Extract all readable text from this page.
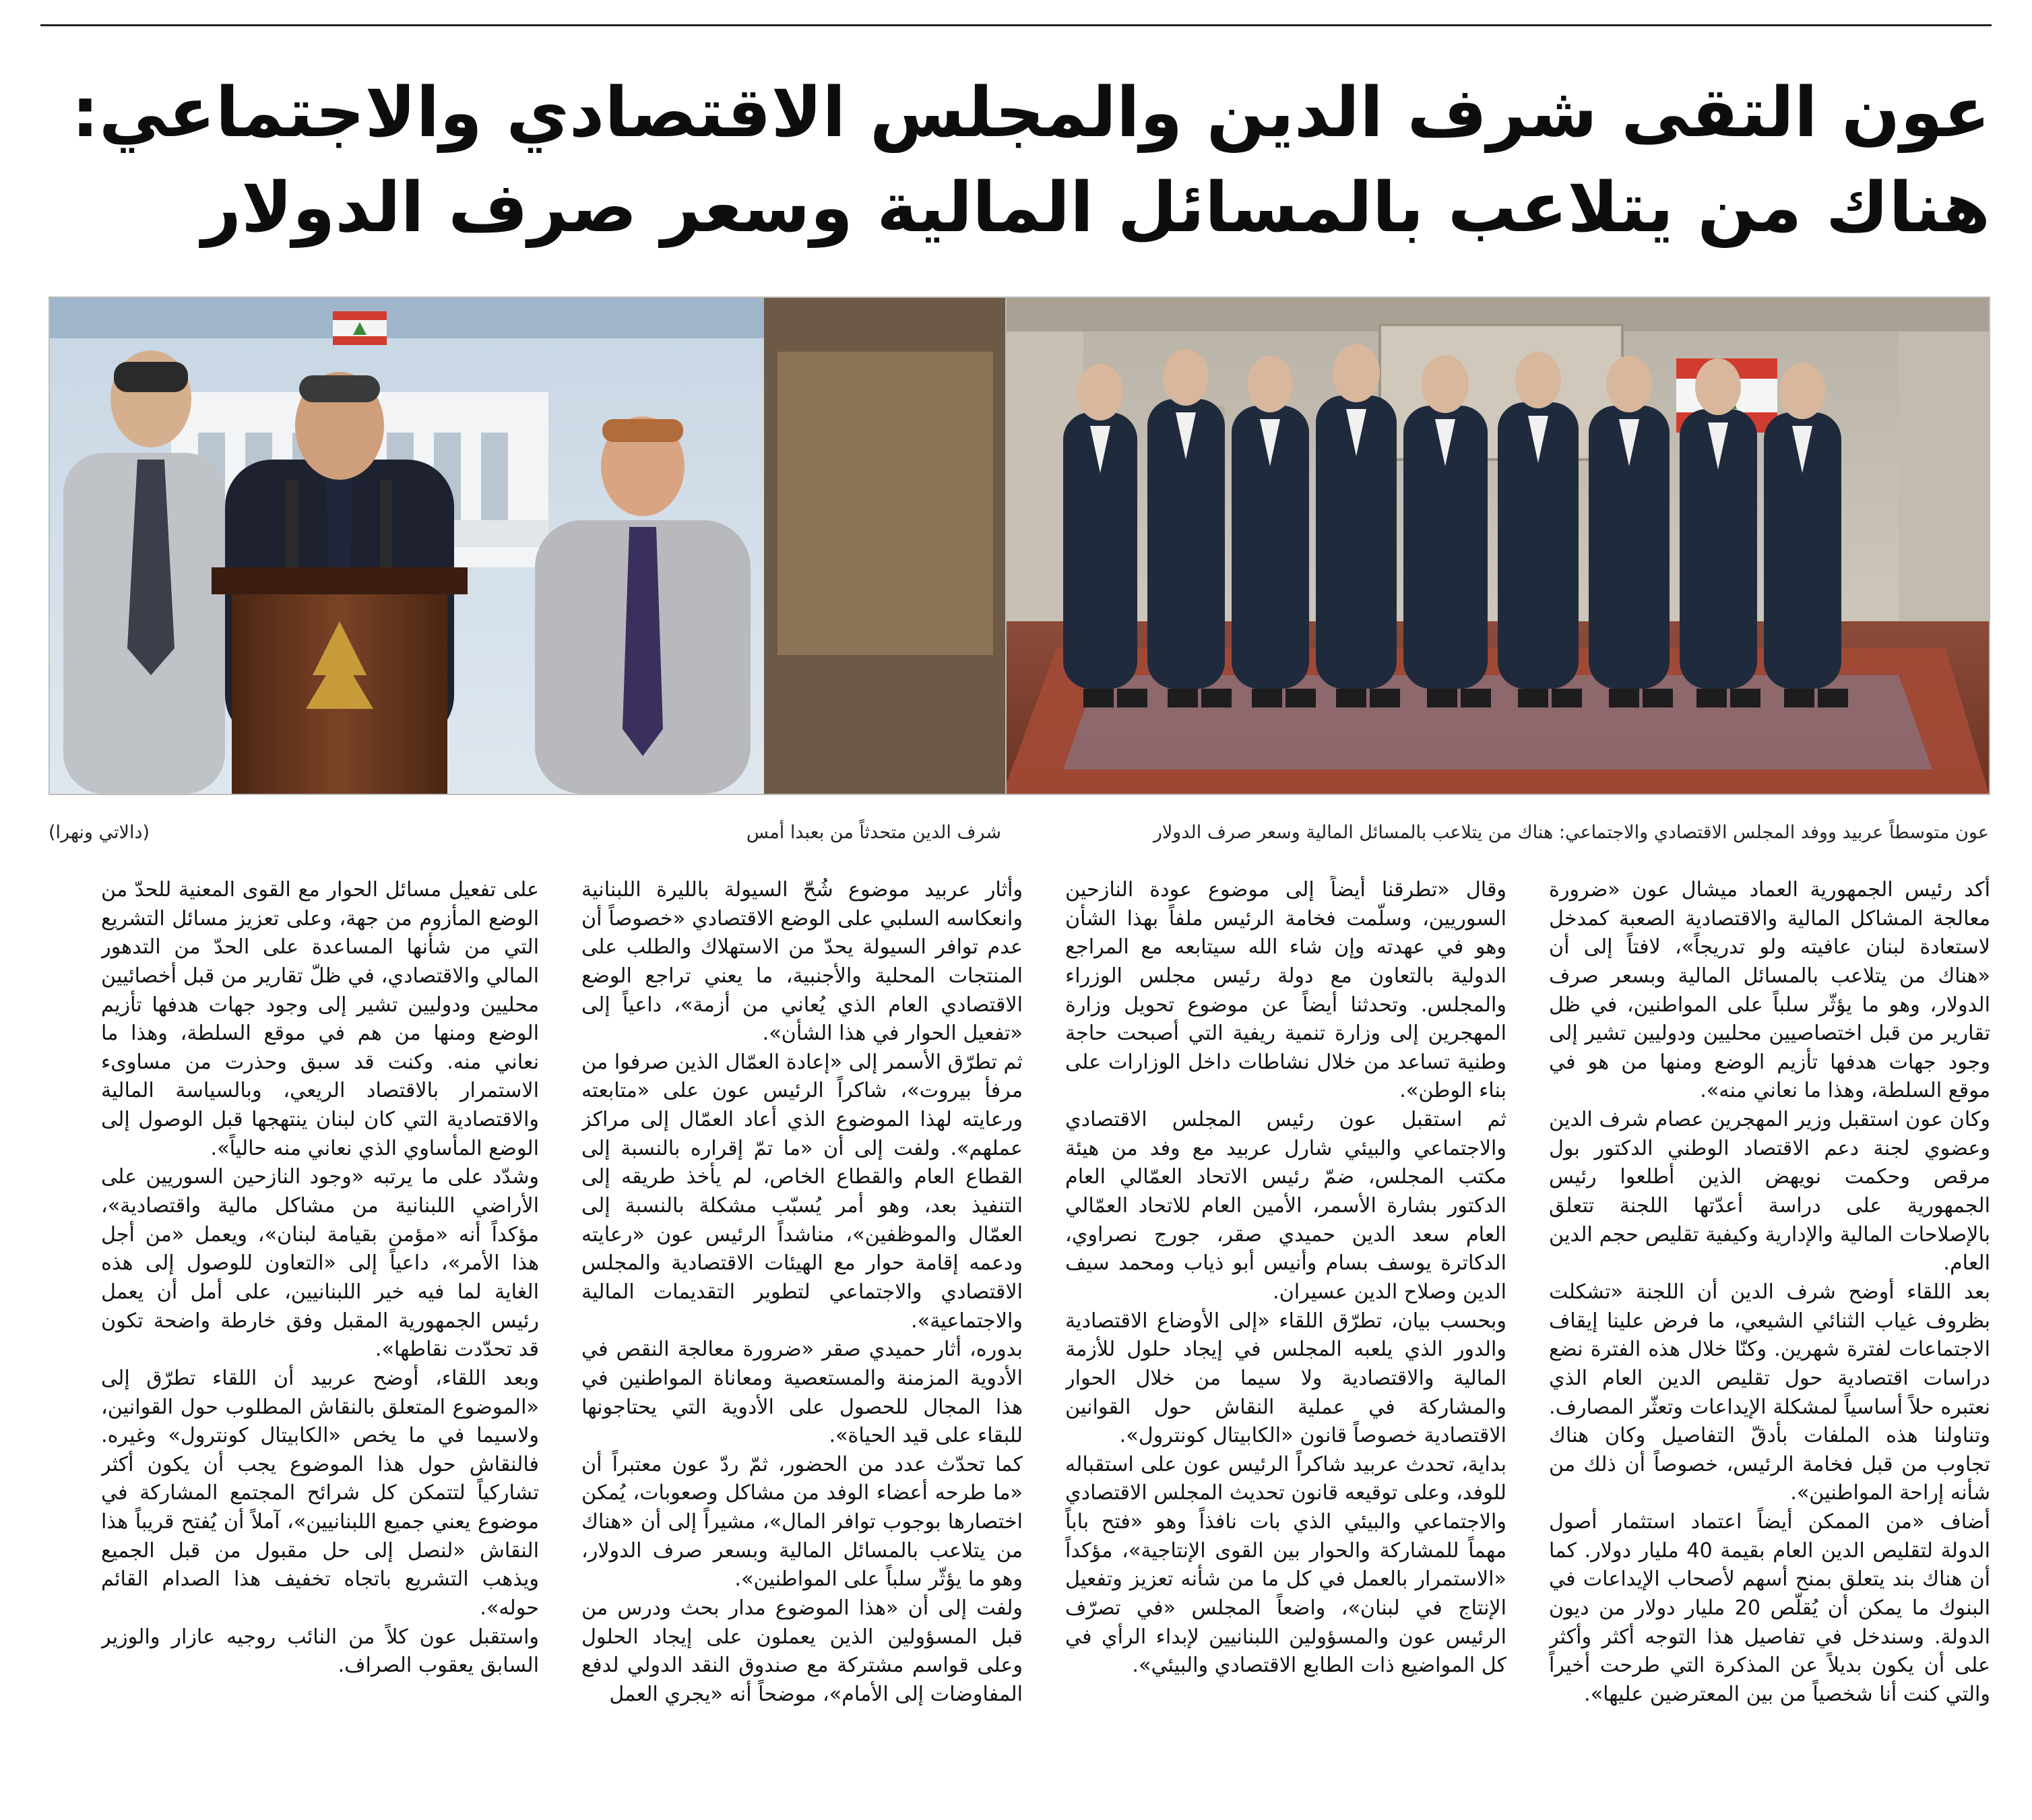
عون التقى شرف الدين والمجلس الاقتصادي والاجتماعي:
هناك من يتلاعب بالمسائل المالية وسعر صرف الدولار
عون متوسطاً عربيد ووفد المجلس الاقتصادي والاجتماعي: هناك من يتلاعب بالمسائل المالية وسعر صرف الدولار
شرف الدين متحدثاً من بعبدا أمس
(دالاتي ونهرا)

أكد رئيس الجمهورية العماد ميشال عون «ضرورة معالجة المشاكل المالية والاقتصادية الصعبة كمدخل لاستعادة لبنان عافيته ولو تدريجاً»، لافتاً إلى أن «هناك من يتلاعب بالمسائل المالية وبسعر صرف الدولار، وهو ما يؤثّر سلباً على المواطنين، في ظل تقارير من قبل اختصاصيين محليين ودوليين تشير إلى وجود جهات هدفها تأزيم الوضع ومنها من هو في موقع السلطة، وهذا ما نعاني منه».

وكان عون استقبل وزير المهجرين عصام شرف الدين وعضوي لجنة دعم الاقتصاد الوطني الدكتور بول مرقص وحكمت نويهض الذين أطلعوا رئيس الجمهورية على دراسة أعدّتها اللجنة تتعلق بالإصلاحات المالية والإدارية وكيفية تقليص حجم الدين العام.

بعد اللقاء أوضح شرف الدين أن اللجنة «تشكلت بظروف غياب الثنائي الشيعي، ما فرض علينا إيقاف الاجتماعات لفترة شهرين. وكنّا خلال هذه الفترة نضع دراسات اقتصادية حول تقليص الدين العام الذي نعتبره حلاً أساسياً لمشكلة الإيداعات وتعثّر المصارف. وتناولنا هذه الملفات بأدقّ التفاصيل وكان هناك تجاوب من قبل فخامة الرئيس، خصوصاً أن ذلك من شأنه إراحة المواطنين».

أضاف «من الممكن أيضاً اعتماد استثمار أصول الدولة لتقليص الدين العام بقيمة 40 مليار دولار. كما أن هناك بند يتعلق بمنح أسهم لأصحاب الإيداعات في البنوك ما يمكن أن يُقلّص 20 مليار دولار من ديون الدولة. وسندخل في تفاصيل هذا التوجه أكثر وأكثر على أن يكون بديلاً عن المذكرة التي طرحت أخيراً والتي كنت أنا شخصياً من بين المعترضين عليها».

وقال «تطرقنا أيضاً إلى موضوع عودة النازحين السوريين، وسلّمت فخامة الرئيس ملفاً بهذا الشأن وهو في عهدته وإن شاء الله سيتابعه مع المراجع الدولية بالتعاون مع دولة رئيس مجلس الوزراء والمجلس. وتحدثنا أيضاً عن موضوع تحويل وزارة المهجرين إلى وزارة تنمية ريفية التي أصبحت حاجة وطنية تساعد من خلال نشاطات داخل الوزارات على بناء الوطن».

ثم استقبل عون رئيس المجلس الاقتصادي والاجتماعي والبيئي شارل عربيد مع وفد من هيئة مكتب المجلس، ضمّ رئيس الاتحاد العمّالي العام الدكتور بشارة الأسمر، الأمين العام للاتحاد العمّالي العام سعد الدين حميدي صقر، جورج نصراوي، الدكاترة يوسف بسام وأنيس أبو ذياب ومحمد سيف الدين وصلاح الدين عسيران.

وبحسب بيان، تطرّق اللقاء «إلى الأوضاع الاقتصادية والدور الذي يلعبه المجلس في إيجاد حلول للأزمة المالية والاقتصادية ولا سيما من خلال الحوار والمشاركة في عملية النقاش حول القوانين الاقتصادية خصوصاً قانون «الكابيتال كونترول».

بداية، تحدث عربيد شاكراً الرئيس عون على استقباله للوفد، وعلى توقيعه قانون تحديث المجلس الاقتصادي والاجتماعي والبيئي الذي بات نافذاً وهو «فتح باباً مهماً للمشاركة والحوار بين القوى الإنتاجية»، مؤكداً «الاستمرار بالعمل في كل ما من شأنه تعزيز وتفعيل الإنتاج في لبنان»، واضعاً المجلس «في تصرّف الرئيس عون والمسؤولين اللبنانيين لإبداء الرأي في كل المواضيع ذات الطابع الاقتصادي والبيئي».

وأثار عربيد موضوع شُحّ السيولة بالليرة اللبنانية وانعكاسه السلبي على الوضع الاقتصادي «خصوصاً أن عدم توافر السيولة يحدّ من الاستهلاك والطلب على المنتجات المحلية والأجنبية، ما يعني تراجع الوضع الاقتصادي العام الذي يُعاني من أزمة»، داعياً إلى «تفعيل الحوار في هذا الشأن».

ثم تطرّق الأسمر إلى «إعادة العمّال الذين صرفوا من مرفأ بيروت»، شاكراً الرئيس عون على «متابعته ورعايته لهذا الموضوع الذي أعاد العمّال إلى مراكز عملهم». ولفت إلى أن «ما تمّ إقراره بالنسبة إلى القطاع العام والقطاع الخاص، لم يأخذ طريقه إلى التنفيذ بعد، وهو أمر يُسبّب مشكلة بالنسبة إلى العمّال والموظفين»، مناشداً الرئيس عون «رعايته ودعمه إقامة حوار مع الهيئات الاقتصادية والمجلس الاقتصادي والاجتماعي لتطوير التقديمات المالية والاجتماعية».

بدوره، أثار حميدي صقر «ضرورة معالجة النقص في الأدوية المزمنة والمستعصية ومعاناة المواطنين في هذا المجال للحصول على الأدوية التي يحتاجونها للبقاء على قيد الحياة».

كما تحدّث عدد من الحضور، ثمّ ردّ عون معتبراً أن «ما طرحه أعضاء الوفد من مشاكل وصعوبات، يُمكن اختصارها بوجوب توافر المال»، مشيراً إلى أن «هناك من يتلاعب بالمسائل المالية وبسعر صرف الدولار، وهو ما يؤثّر سلباً على المواطنين».

ولفت إلى أن «هذا الموضوع مدار بحث ودرس من قبل المسؤولين الذين يعملون على إيجاد الحلول وعلى قواسم مشتركة مع صندوق النقد الدولي لدفع المفاوضات إلى الأمام»، موضحاً أنه «يجري العمل

على تفعيل مسائل الحوار مع القوى المعنية للحدّ من الوضع المأزوم من جهة، وعلى تعزيز مسائل التشريع التي من شأنها المساعدة على الحدّ من التدهور المالي والاقتصادي، في ظلّ تقارير من قبل أخصائيين محليين ودوليين تشير إلى وجود جهات هدفها تأزيم الوضع ومنها من هم في موقع السلطة، وهذا ما نعاني منه. وكنت قد سبق وحذرت من مساوىء الاستمرار بالاقتصاد الريعي، وبالسياسة المالية والاقتصادية التي كان لبنان ينتهجها قبل الوصول إلى الوضع المأساوي الذي نعاني منه حالياً».

وشدّد على ما يرتبه «وجود النازحين السوريين على الأراضي اللبنانية من مشاكل مالية واقتصادية»، مؤكداً أنه «مؤمن بقيامة لبنان»، ويعمل «من أجل هذا الأمر»، داعياً إلى «التعاون للوصول إلى هذه الغاية لما فيه خير اللبنانيين، على أمل أن يعمل رئيس الجمهورية المقبل وفق خارطة واضحة تكون قد تحدّدت نقاطها».

وبعد اللقاء، أوضح عربيد أن اللقاء تطرّق إلى «الموضوع المتعلق بالنقاش المطلوب حول القوانين، ولاسيما في ما يخص «الكابيتال كونترول» وغيره. فالنقاش حول هذا الموضوع يجب أن يكون أكثر تشاركياً لتتمكن كل شرائح المجتمع المشاركة في موضوع يعني جميع اللبنانيين»، آملاً أن يُفتح قريباً هذا النقاش «لنصل إلى حل مقبول من قبل الجميع ويذهب التشريع باتجاه تخفيف هذا الصدام القائم حوله».

واستقبل عون كلاً من النائب روجيه عازار والوزير السابق يعقوب الصراف.
